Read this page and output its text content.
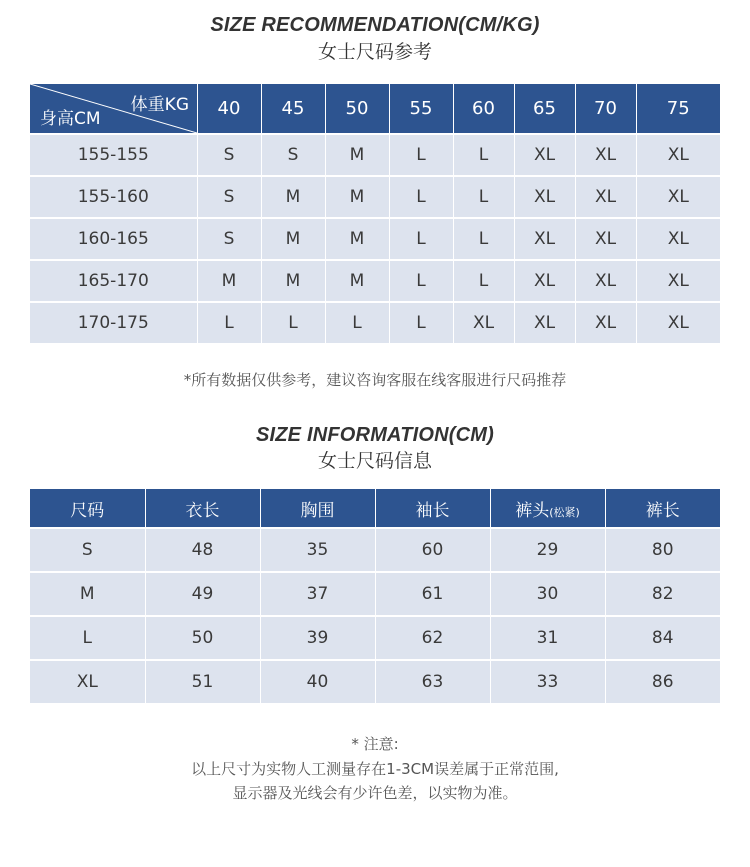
SIZE RECOMMENDATION(CM/KG)
女士尺码参考
体重KG
身高CM	40	45	50	55	60	65	70	75
155-155	S	S	M	L	L	XL	XL	XL
155-160	S	M	M	L	L	XL	XL	XL
160-165	S	M	M	L	L	XL	XL	XL
165-170	M	M	M	L	L	XL	XL	XL
170-175	L	L	L	L	XL	XL	XL	XL
*所有数据仅供参考，建议咨询客服在线客服进行尺码推荐
SIZE INFORMATION(CM)
女士尺码信息
尺码	衣长	胸围	袖长	裤头(松紧)	裤长
S	48	35	60	29	80
M	49	37	61	30	82
L	50	39	62	31	84
XL	51	40	63	33	86
* 注意:
以上尺寸为实物人工测量存在1-3CM误差属于正常范围,
显示器及光线会有少许色差，以实物为准。
